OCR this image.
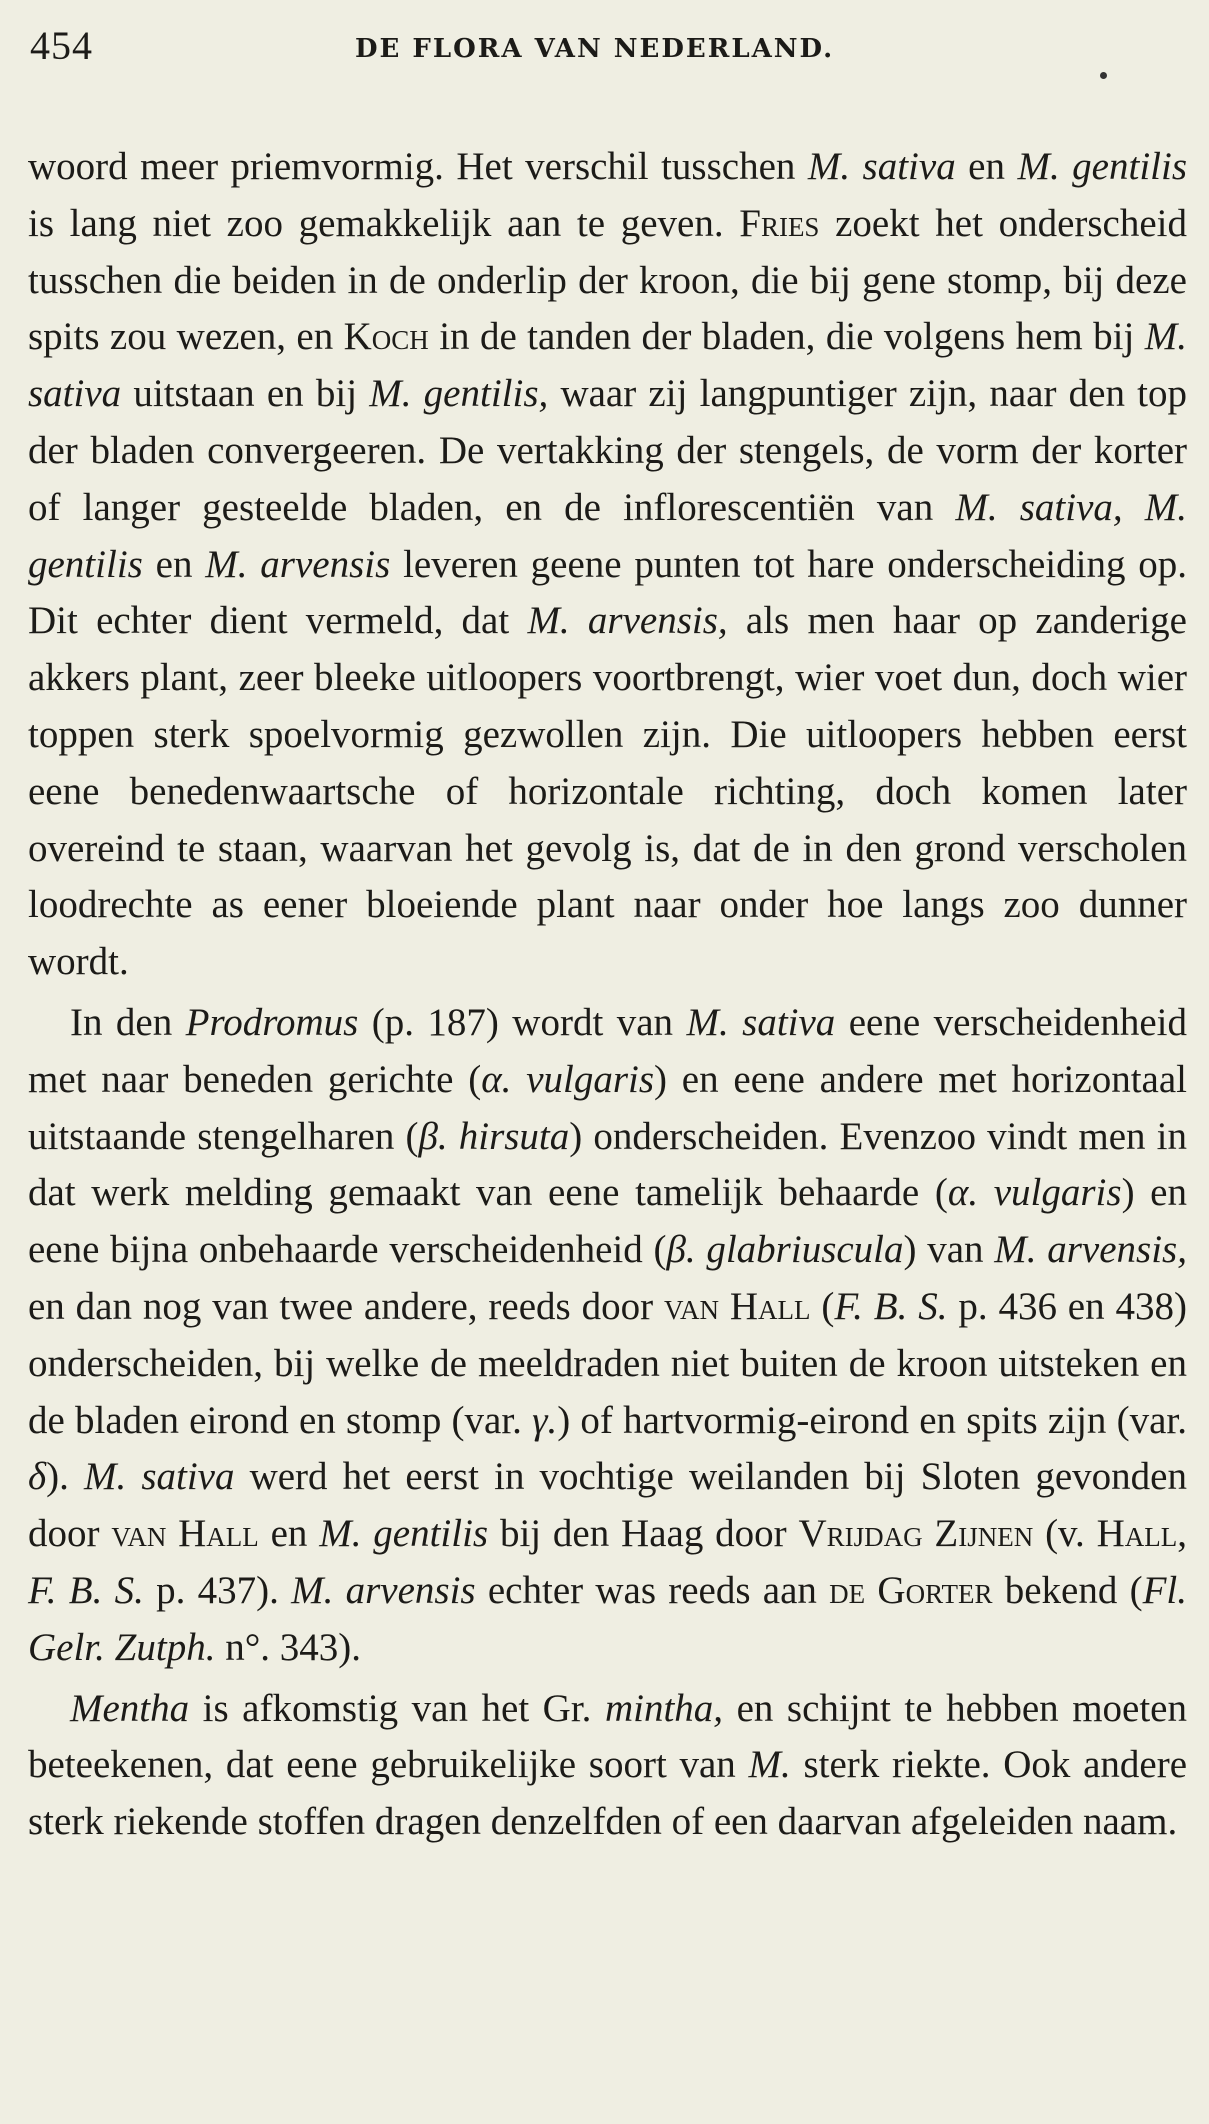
454	DE FLORA VAN NEDERLAND.

woord meer priemvormig. Het verschil tusschen M. sativa en M. gentilis is lang niet zoo gemakkelijk aan te geven. Fries zoekt het onderscheid tusschen die beiden in de onderlip der kroon, die bij gene stomp, bij deze spits zou wezen, en Koch in de tanden der bladen, die volgens hem bij M. sativa uitstaan en bij M. gentilis, waar zij langpuntiger zijn, naar den top der bladen convergeeren. De vertakking der stengels, de vorm der korter of langer gesteelde bladen, en de inflorescentiën van M. sativa, M. gentilis en M. arvensis leveren geene punten tot hare onderscheiding op. Dit echter dient vermeld, dat M. arvensis, als men haar op zanderige akkers plant, zeer bleeke uitloopers voortbrengt, wier voet dun, doch wier toppen sterk spoelvormig gezwollen zijn. Die uitloopers hebben eerst eene benedenwaartsche of horizontale richting, doch komen later overeind te staan, waarvan het gevolg is, dat de in den grond verscholen loodrechte as eener bloeiende plant naar onder hoe langs zoo dunner wordt.

In den Prodromus (p. 187) wordt van M. sativa eene verscheidenheid met naar beneden gerichte (α. vulgaris) en eene andere met horizontaal uitstaande stengelharen (β. hirsuta) onderscheiden. Evenzoo vindt men in dat werk melding gemaakt van eene tamelijk behaarde (α. vulgaris) en eene bijna onbehaarde verscheidenheid (β. glabriuscula) van M. arvensis, en dan nog van twee andere, reeds door van Hall (F. B. S. p. 436 en 438) onderscheiden, bij welke de meeldraden niet buiten de kroon uitsteken en de bladen eirond en stomp (var. γ.) of hartvormig-eirond en spits zijn (var. δ). M. sativa werd het eerst in vochtige weilanden bij Sloten gevonden door van Hall en M. gentilis bij den Haag door Vrijdag Zijnen (v. Hall, F. B. S. p. 437). M. arvensis echter was reeds aan de Gorter bekend (Fl. Gelr. Zutph. n°. 343).

Mentha is afkomstig van het Gr. mintha, en schijnt te hebben moeten beteekenen, dat eene gebruikelijke soort van M. sterk riekte. Ook andere sterk riekende stoffen dragen denzelfden of een daarvan afgeleiden naam.
